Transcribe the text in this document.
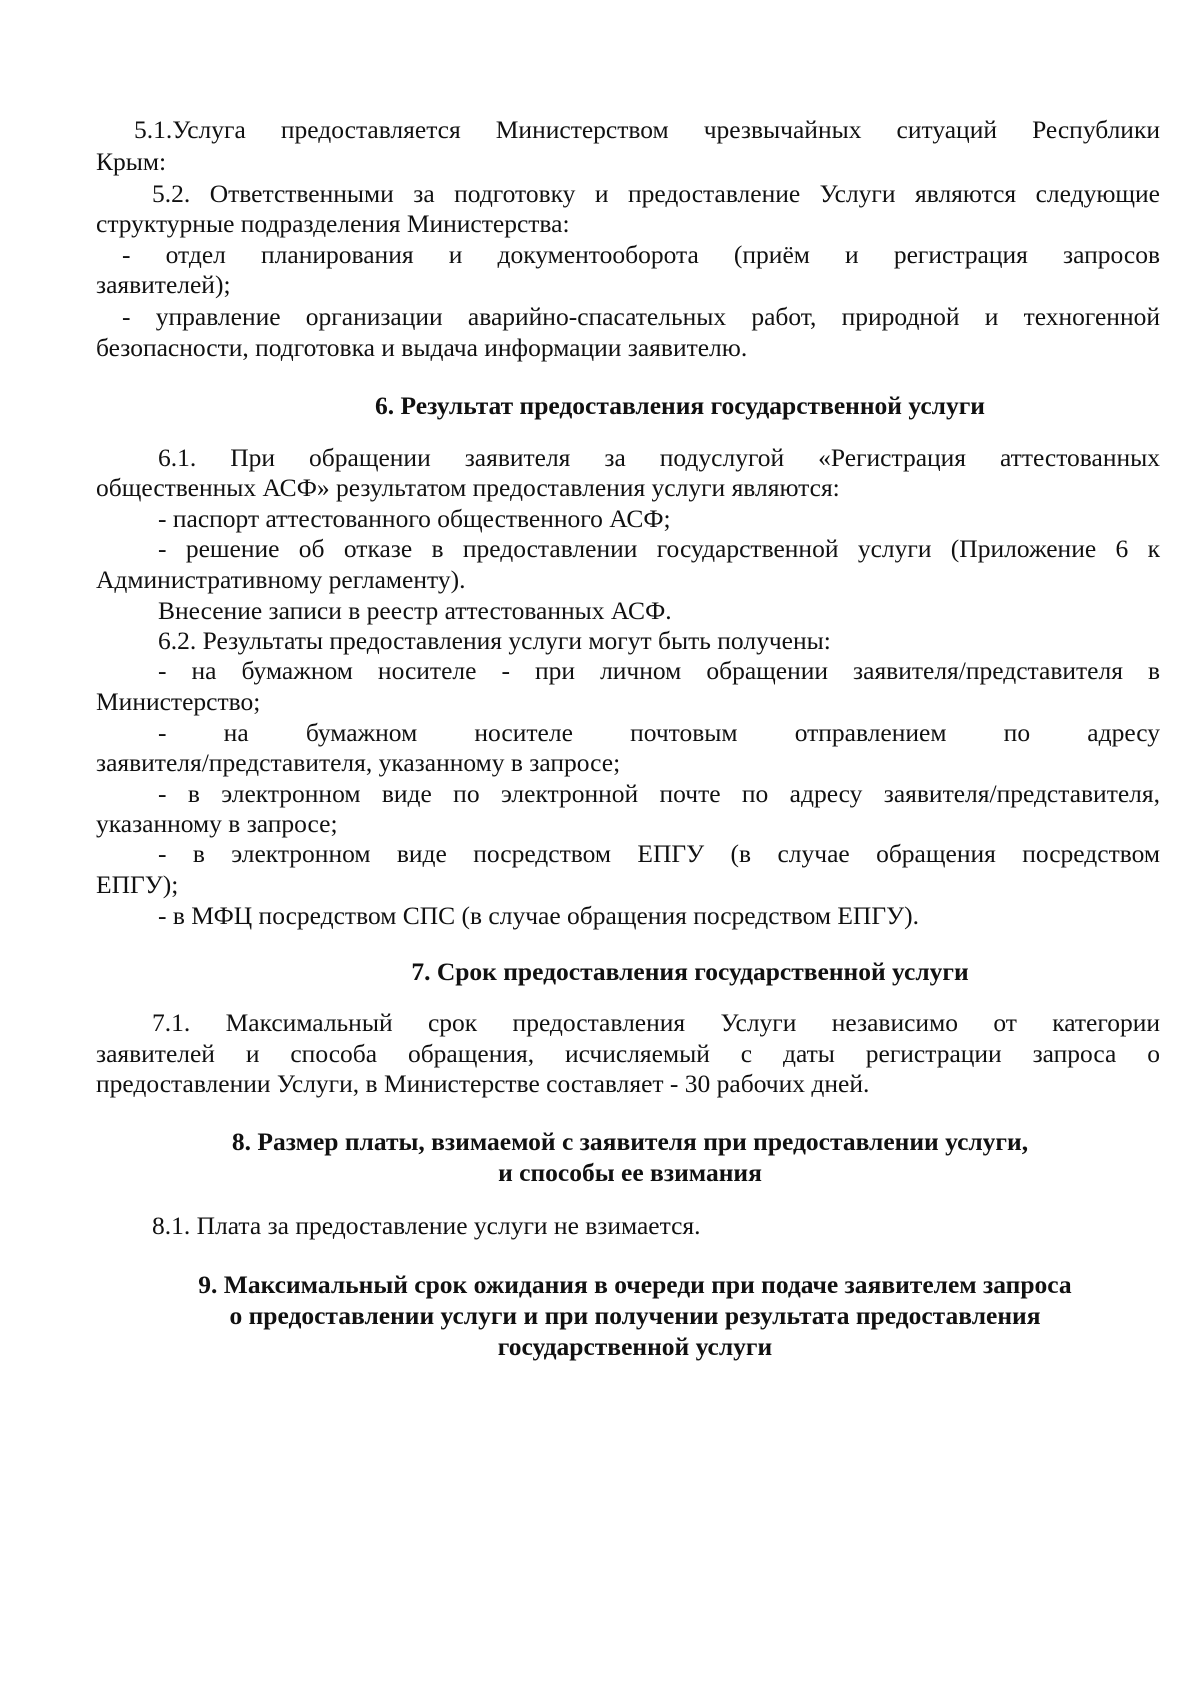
5.1.Услуга предоставляется Министерством чрезвычайных ситуаций Республики
Крым:
5.2. Ответственными за подготовку и предоставление Услуги являются следующие
структурные подразделения Министерства:
- отдел планирования и документооборота (приём и регистрация запросов
заявителей);
- управление организации аварийно-спасательных работ, природной и техногенной
безопасности, подготовка и выдача информации заявителю.
6. Результат предоставления государственной услуги
6.1. При обращении заявителя за подуслугой «Регистрация аттестованных
общественных АСФ» результатом предоставления услуги являются:
- паспорт аттестованного общественного АСФ;
- решение об отказе в предоставлении государственной услуги (Приложение 6 к
Административному регламенту).
Внесение записи в реестр аттестованных АСФ.
6.2. Результаты предоставления услуги могут быть получены:
- на бумажном носителе - при личном обращении заявителя/представителя в
Министерство;
- на бумажном носителе почтовым отправлением по адресу
заявителя/представителя, указанному в запросе;
- в электронном виде по электронной почте по адресу заявителя/представителя,
указанному в запросе;
- в электронном виде посредством ЕПГУ (в случае обращения посредством
ЕПГУ);
- в МФЦ посредством СПС (в случае обращения посредством ЕПГУ).
7. Срок предоставления государственной услуги
7.1. Максимальный срок предоставления Услуги независимо от категории
заявителей и способа обращения, исчисляемый с даты регистрации запроса о
предоставлении Услуги, в Министерстве составляет - 30 рабочих дней.
8. Размер платы, взимаемой с заявителя при предоставлении услуги,
и способы ее взимания
8.1. Плата за предоставление услуги не взимается.
9. Максимальный срок ожидания в очереди при подаче заявителем запроса
о предоставлении услуги и при получении результата предоставления
государственной услуги
